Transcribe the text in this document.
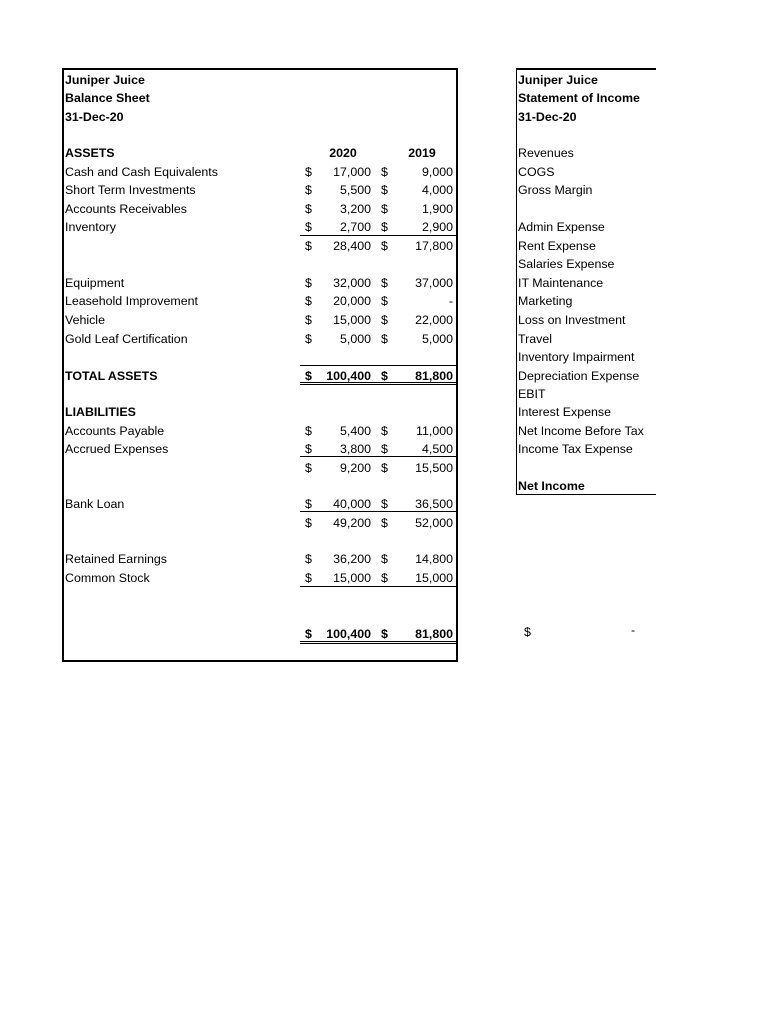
Juniper Juice
Balance Sheet
31-Dec-20
2020	2019
ASSETS
Cash and Cash Equivalents	$	17,000 $	9,000
Short Term Investments	$	5,500 $	4,000
Accounts Receivables	$	3,200 $	1,900
Inventory	$	2,700 $	2,900
$	28,400 $	17,800
Equipment	$	32,000 $	37,000
Leasehold Improvement	$	20,000 $	-
Vehicle	$	15,000 $	22,000
Gold Leaf Certification	$	5,000 $	5,000
TOTAL ASSETS	$	100,400 $	81,800
LIABILITIES
Accounts Payable	$	5,400 $	11,000
Accrued Expenses	$	3,800 $	4,500
$	9,200 $	15,500
Bank Loan	$	40,000 $	36,500
$	49,200 $	52,000
Retained Earnings	$	36,200 $	14,800
Common Stock	$	15,000 $	15,000
$	100,400 $	81,800
Juniper Juice
Statement of Income
31-Dec-20
Revenues
COGS
Gross Margin
Admin Expense
Rent Expense
Salaries Expense
IT Maintenance
Marketing
Loss on Investment
Travel
Inventory Impairment
Depreciation Expense
EBIT
Interest Expense
Net Income Before Tax
Income Tax Expense
Net Income
$	-
